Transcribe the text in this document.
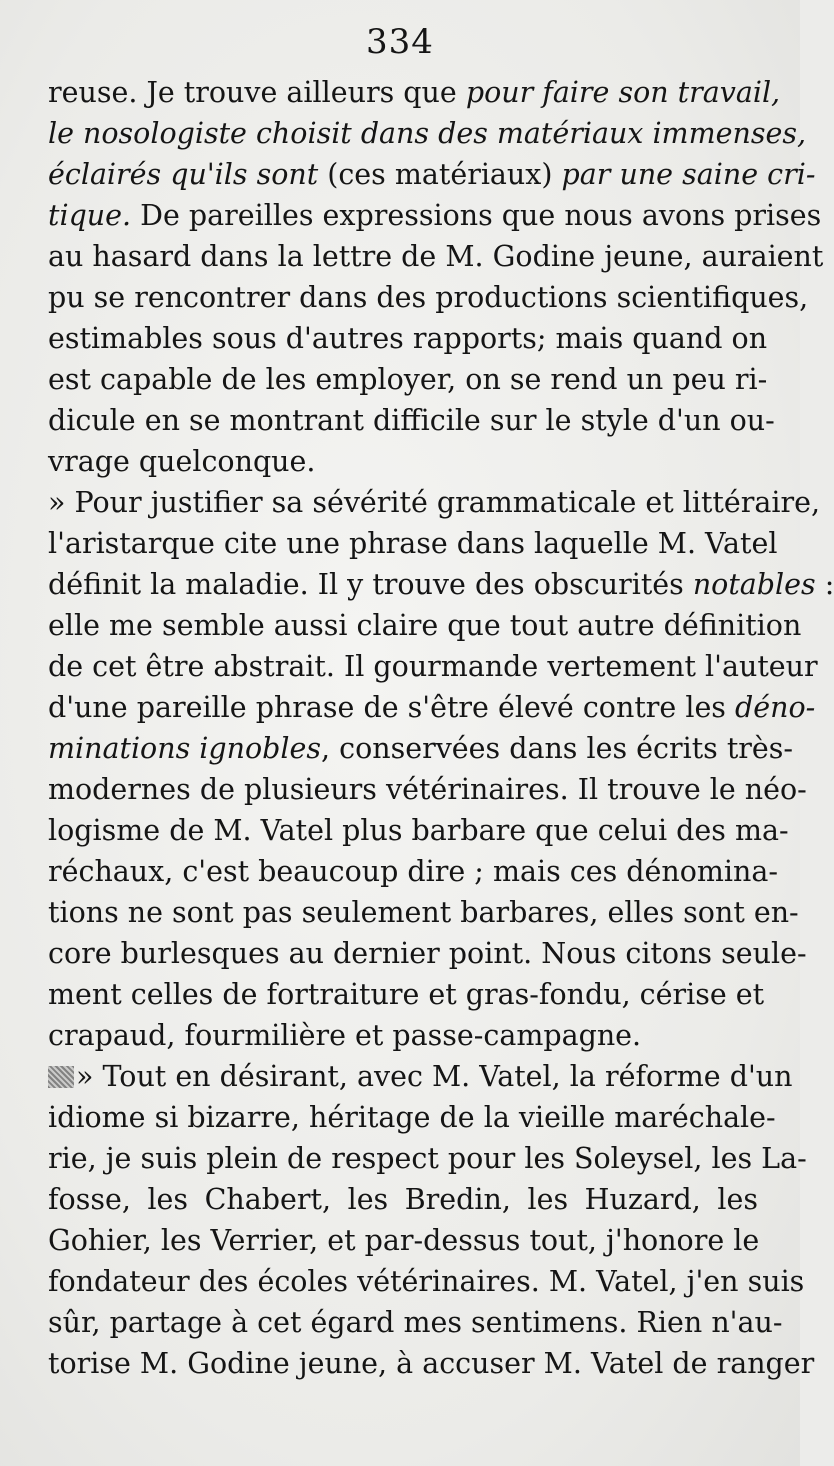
334
reuse. Je trouve ailleurs que pour faire son travail,
le nosologiste choisit dans des matériaux immenses,
éclairés qu'ils sont (ces matériaux) par une saine cri-
tique. De pareilles expressions que nous avons prises
au hasard dans la lettre de M. Godine jeune, auraient
pu se rencontrer dans des productions scientifiques,
estimables sous d'autres rapports; mais quand on
est capable de les employer, on se rend un peu ri-
dicule en se montrant difficile sur le style d'un ou-
vrage quelconque.
» Pour justifier sa sévérité grammaticale et littéraire,
l'aristarque cite une phrase dans laquelle M. Vatel
définit la maladie. Il y trouve des obscurités notables :
elle me semble aussi claire que tout autre définition
de cet être abstrait. Il gourmande vertement l'auteur
d'une pareille phrase de s'être élevé contre les déno-
minations ignobles, conservées dans les écrits très-
modernes de plusieurs vétérinaires. Il trouve le néo-
logisme de M. Vatel plus barbare que celui des ma-
réchaux, c'est beaucoup dire ; mais ces dénomina-
tions ne sont pas seulement barbares, elles sont en-
core burlesques au dernier point. Nous citons seule-
ment celles de fortraiture et gras-fondu, cérise et
crapaud, fourmilière et passe-campagne.
» Tout en désirant, avec M. Vatel, la réforme d'un
idiome si bizarre, héritage de la vieille maréchale-
rie, je suis plein de respect pour les Soleysel, les La-
fosse, les Chabert, les Bredin, les Huzard, les
Gohier, les Verrier, et par-dessus tout, j'honore le
fondateur des écoles vétérinaires. M. Vatel, j'en suis
sûr, partage à cet égard mes sentimens. Rien n'au-
torise M. Godine jeune, à accuser M. Vatel de ranger
